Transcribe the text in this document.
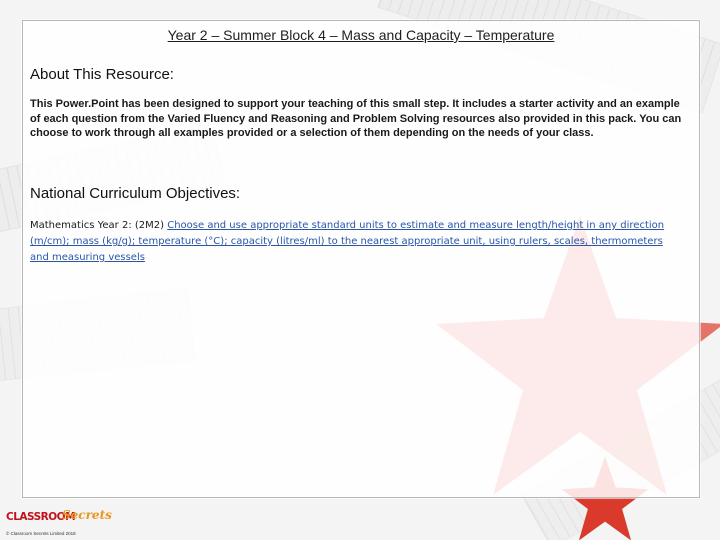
Year 2 – Summer Block 4 – Mass and Capacity – Temperature
About This Resource:
This Power.Point has been designed to support your teaching of this small step. It includes a starter activity and an example of each question from the Varied Fluency and Reasoning and Problem Solving resources also provided in this pack. You can choose to work through all examples provided or a selection of them depending on the needs of your class.
National Curriculum Objectives:
Mathematics Year 2: (2M2) Choose and use appropriate standard units to estimate and measure length/height in any direction (m/cm); mass (kg/g); temperature (°C); capacity (litres/ml) to the nearest appropriate unit, using rulers, scales, thermometers and measuring vessels
CLASSROOM
Secrets
© Classroom Secrets Limited 2018
